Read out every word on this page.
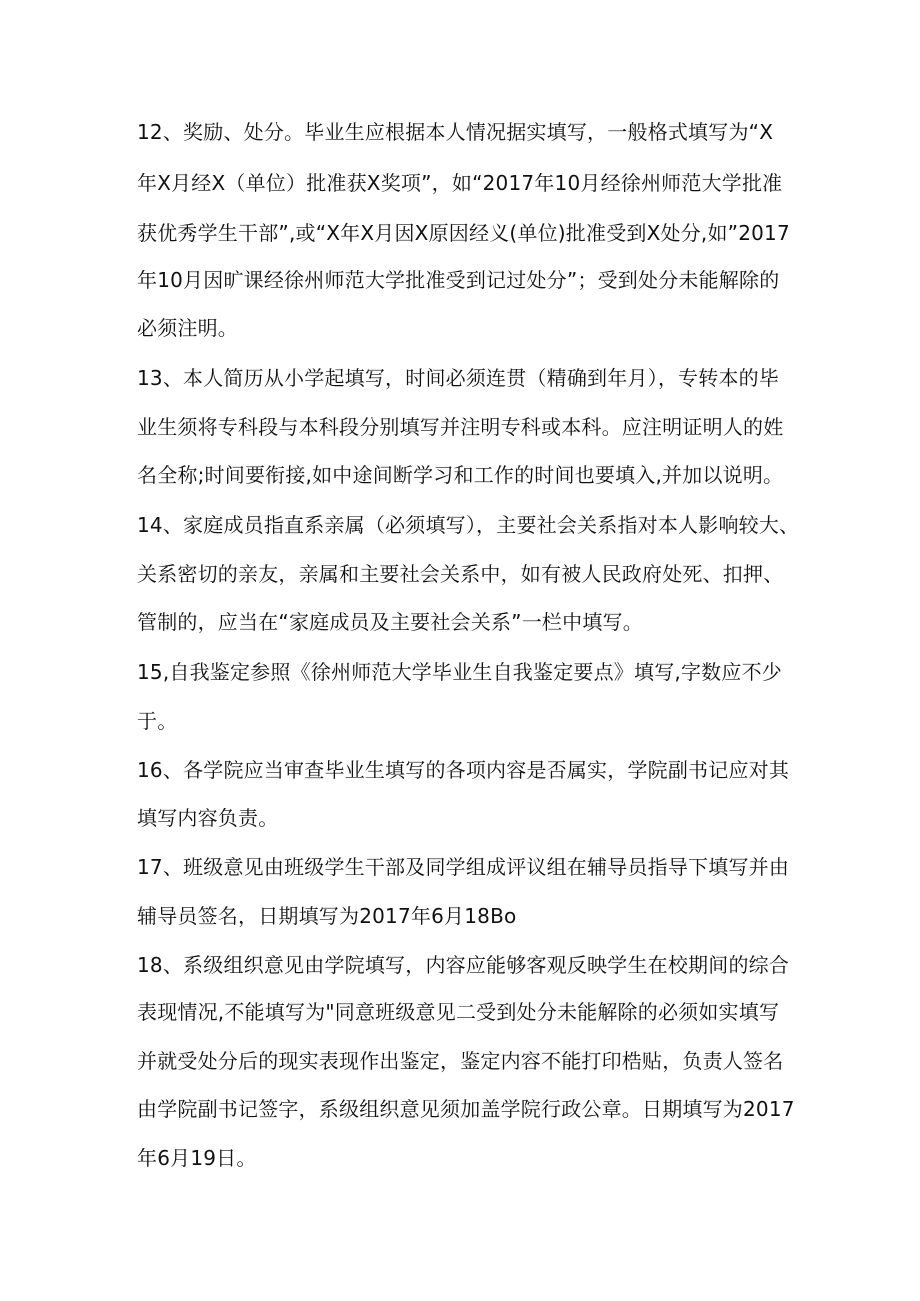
12、奖励、处分。毕业生应根据本人情况据实填写，一般格式填写为“X
年X月经X（单位）批准获X奖项”，如“2017年10月经徐州师范大学批准
获优秀学生干部”,或“X年X月因X原因经义(单位)批准受到X处分,如”2017
年10月因旷课经徐州师范大学批准受到记过处分”；受到处分未能解除的
必须注明。
13、本人简历从小学起填写，时间必须连贯（精确到年月），专转本的毕
业生须将专科段与本科段分别填写并注明专科或本科。应注明证明人的姓
名全称;时间要衔接,如中途间断学习和工作的时间也要填入,并加以说明。
14、家庭成员指直系亲属（必须填写），主要社会关系指对本人影响较大、
关系密切的亲友，亲属和主要社会关系中，如有被人民政府处死、扣押、
管制的，应当在“家庭成员及主要社会关系”一栏中填写。
15,自我鉴定参照《徐州师范大学毕业生自我鉴定要点》填写,字数应不少
于。
16、各学院应当审查毕业生填写的各项内容是否属实，学院副书记应对其
填写内容负责。
17、班级意见由班级学生干部及同学组成评议组在辅导员指导下填写并由
辅导员签名，日期填写为2017年6月18Bo
18、系级组织意见由学院填写，内容应能够客观反映学生在校期间的综合
表现情况,不能填写为"同意班级意见二受到处分未能解除的必须如实填写
并就受处分后的现实表现作出鉴定，鉴定内容不能打印梏贴，负责人签名
由学院副书记签字，系级组织意见须加盖学院行政公章。日期填写为2017
年6月19日。
